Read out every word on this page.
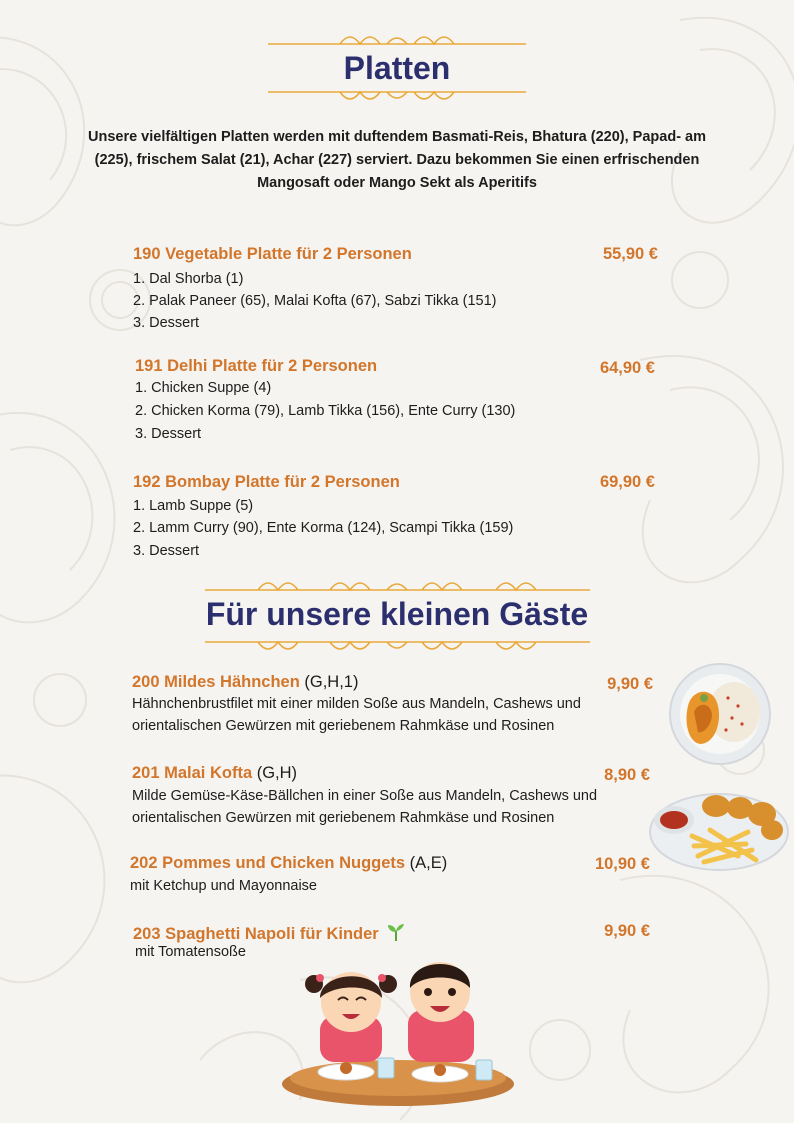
Platten
Unsere vielfältigen Platten werden mit duftendem Basmati-Reis, Bhatura (220), Papad- am (225), frischem Salat (21), Achar (227) serviert. Dazu bekommen Sie einen erfrischenden Mangosaft oder Mango Sekt als Aperitifs
190 Vegetable Platte für 2 Personen	55,90 €
1. Dal Shorba (1)
2. Palak Paneer (65), Malai Kofta (67), Sabzi Tikka (151)
3. Dessert
191 Delhi Platte für 2 Personen	64,90 €
1. Chicken Suppe (4)
2. Chicken Korma (79), Lamb Tikka (156), Ente Curry (130)
3. Dessert
192 Bombay Platte für 2 Personen	69,90 €
1. Lamb Suppe (5)
2. Lamm Curry (90), Ente Korma (124), Scampi Tikka (159)
3. Dessert
Für unsere kleinen Gäste
200 Mildes Hähnchen (G,H,1)	9,90 €
Hähnchenbrustfilet mit einer milden Soße aus Mandeln, Cashews und
orientalischen Gewürzen mit geriebenem Rahmkäse und Rosinen
201 Malai Kofta (G,H)	8,90 €
Milde Gemüse-Käse-Bällchen in einer Soße aus Mandeln, Cashews und
orientalischen Gewürzen mit geriebenem Rahmkäse und Rosinen
202 Pommes und Chicken Nuggets (A,E)	10,90 €
mit Ketchup und Mayonnaise
203 Spaghetti Napoli für Kinder	9,90 €
mit Tomatensoße
